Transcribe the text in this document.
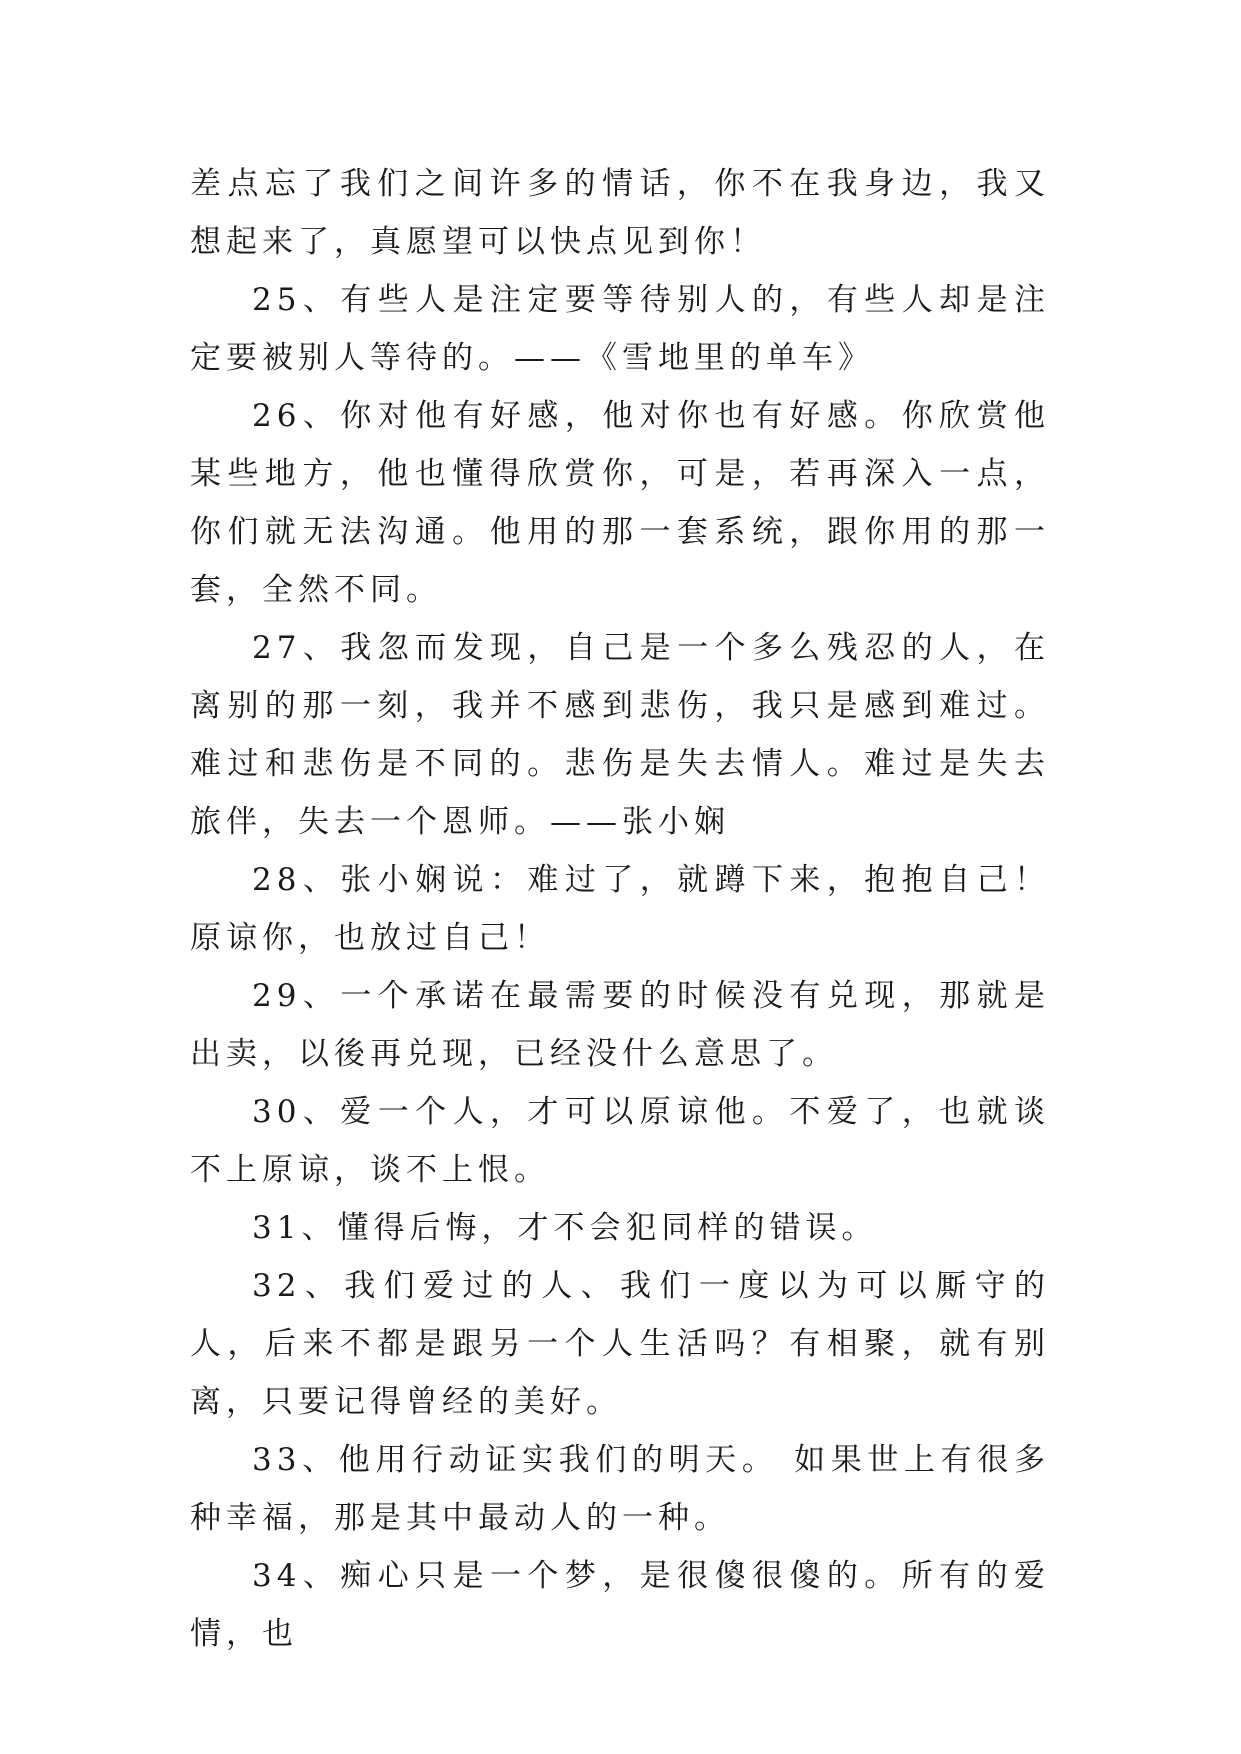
差点忘了我们之间许多的情话，你不在我身边，我又想起来了，真愿望可以快点见到你！

25、有些人是注定要等待别人的，有些人却是注定要被别人等待的。——《雪地里的单车》

26、你对他有好感，他对你也有好感。你欣赏他某些地方，他也懂得欣赏你，可是，若再深入一点，你们就无法沟通。他用的那一套系统，跟你用的那一套，全然不同。

27、我忽而发现，自己是一个多么残忍的人，在离别的那一刻，我并不感到悲伤，我只是感到难过。难过和悲伤是不同的。悲伤是失去情人。难过是失去旅伴，失去一个恩师。——张小娴

28、张小娴说：难过了，就蹲下来，抱抱自己！原谅你，也放过自己！

29、一个承诺在最需要的时候没有兑现，那就是出卖，以後再兑现，已经没什么意思了。

30、爱一个人，才可以原谅他。不爱了，也就谈不上原谅，谈不上恨。

31、懂得后悔，才不会犯同样的错误。

32、我们爱过的人、我们一度以为可以厮守的人，后来不都是跟另一个人生活吗？有相聚，就有别离，只要记得曾经的美好。

33、他用行动证实我们的明天。 如果世上有很多种幸福，那是其中最动人的一种。

34、痴心只是一个梦，是很傻很傻的。所有的爱情，也
